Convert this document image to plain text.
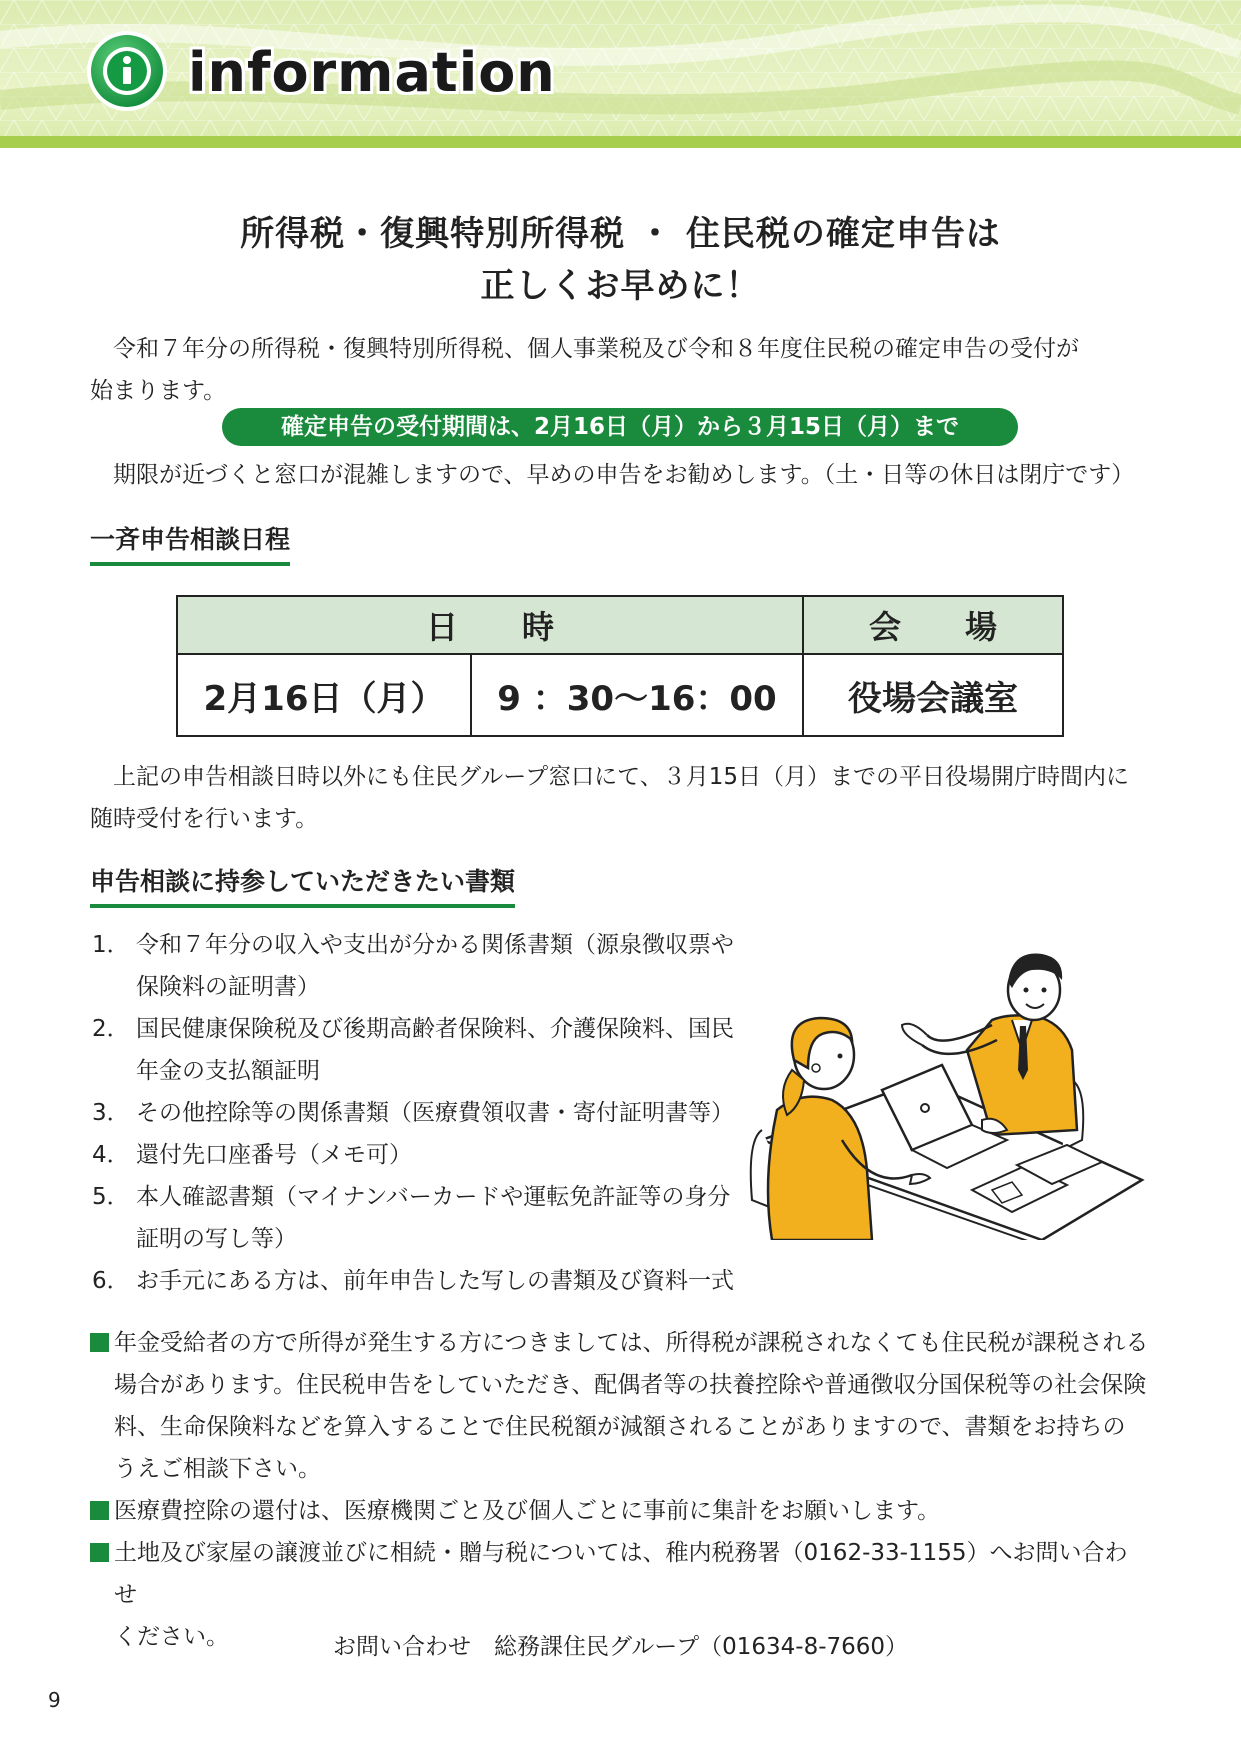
information
所得税・復興特別所得税 ・ 住民税の確定申告は
正しくお早めに！
　令和７年分の所得税・復興特別所得税、個人事業税及び令和８年度住民税の確定申告の受付が
始まります。
確定申告の受付期間は、2月16日（月）から３月15日（月）まで
　期限が近づくと窓口が混雑しますので、早めの申告をお勧めします。（土・日等の休日は閉庁です）
一斉申告相談日程
日　　時		会　　場
2月16日（月）	9 ：30〜16：00	役場会議室
　上記の申告相談日時以外にも住民グループ窓口にて、３月15日（月）までの平日役場開庁時間内に
随時受付を行います。
申告相談に持参していただきたい書類
1． 令和７年分の収入や支出が分かる関係書類（源泉徴収票や
保険料の証明書）
2． 国民健康保険税及び後期高齢者保険料、介護保険料、国民
年金の支払額証明
3． その他控除等の関係書類（医療費領収書・寄付証明書等）
4． 還付先口座番号（メモ可）
5． 本人確認書類（マイナンバーカードや運転免許証等の身分
証明の写し等）
6． お手元にある方は、前年申告した写しの書類及び資料一式
年金受給者の方で所得が発生する方につきましては、所得税が課税されなくても住民税が課税される
場合があります。住民税申告をしていただき、配偶者等の扶養控除や普通徴収分国保税等の社会保険
料、生命保険料などを算入することで住民税額が減額されることがありますので、書類をお持ちの
うえご相談下さい。
医療費控除の還付は、医療機関ごと及び個人ごとに事前に集計をお願いします。
土地及び家屋の譲渡並びに相続・贈与税については、稚内税務署（0162-33-1155）へお問い合わせ
ください。	お問い合わせ　総務課住民グループ（01634-8-7660）
9
